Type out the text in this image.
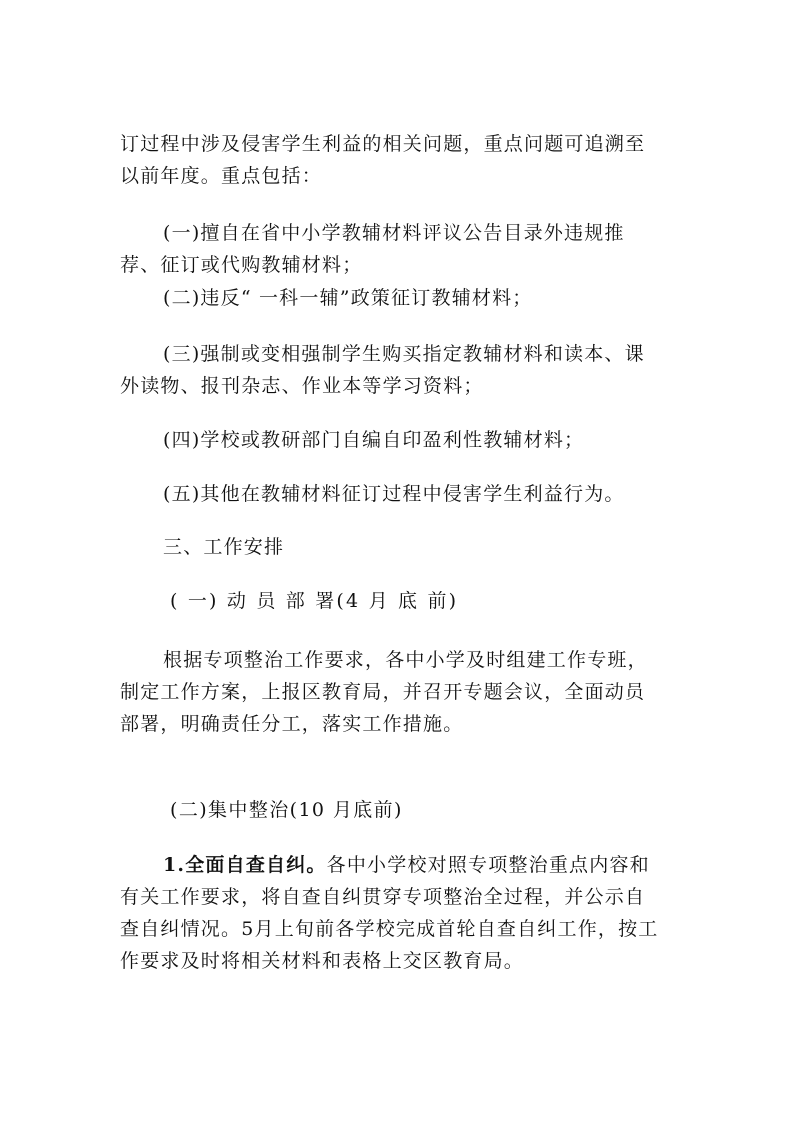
订过程中涉及侵害学生利益的相关问题，重点问题可追溯至
以前年度。重点包括：

(一)擅自在省中小学教辅材料评议公告目录外违规推
荐、征订或代购教辅材料；

(二)违反“ 一科一辅”政策征订教辅材料；

(三)强制或变相强制学生购买指定教辅材料和读本、课
外读物、报刊杂志、作业本等学习资料；

(四)学校或教研部门自编自印盈利性教辅材料；

(五)其他在教辅材料征订过程中侵害学生利益行为。

三、工作安排

( 一) 动 员 部 署(4 月 底 前)

根据专项整治工作要求，各中小学及时组建工作专班，
制定工作方案，上报区教育局，并召开专题会议，全面动员
部署，明确责任分工，落实工作措施。

(二)集中整治(10 月底前)

1.全面自查自纠。各中小学校对照专项整治重点内容和
有关工作要求，将自查自纠贯穿专项整治全过程，并公示自
查自纠情况。5月上旬前各学校完成首轮自查自纠工作，按工
作要求及时将相关材料和表格上交区教育局。
